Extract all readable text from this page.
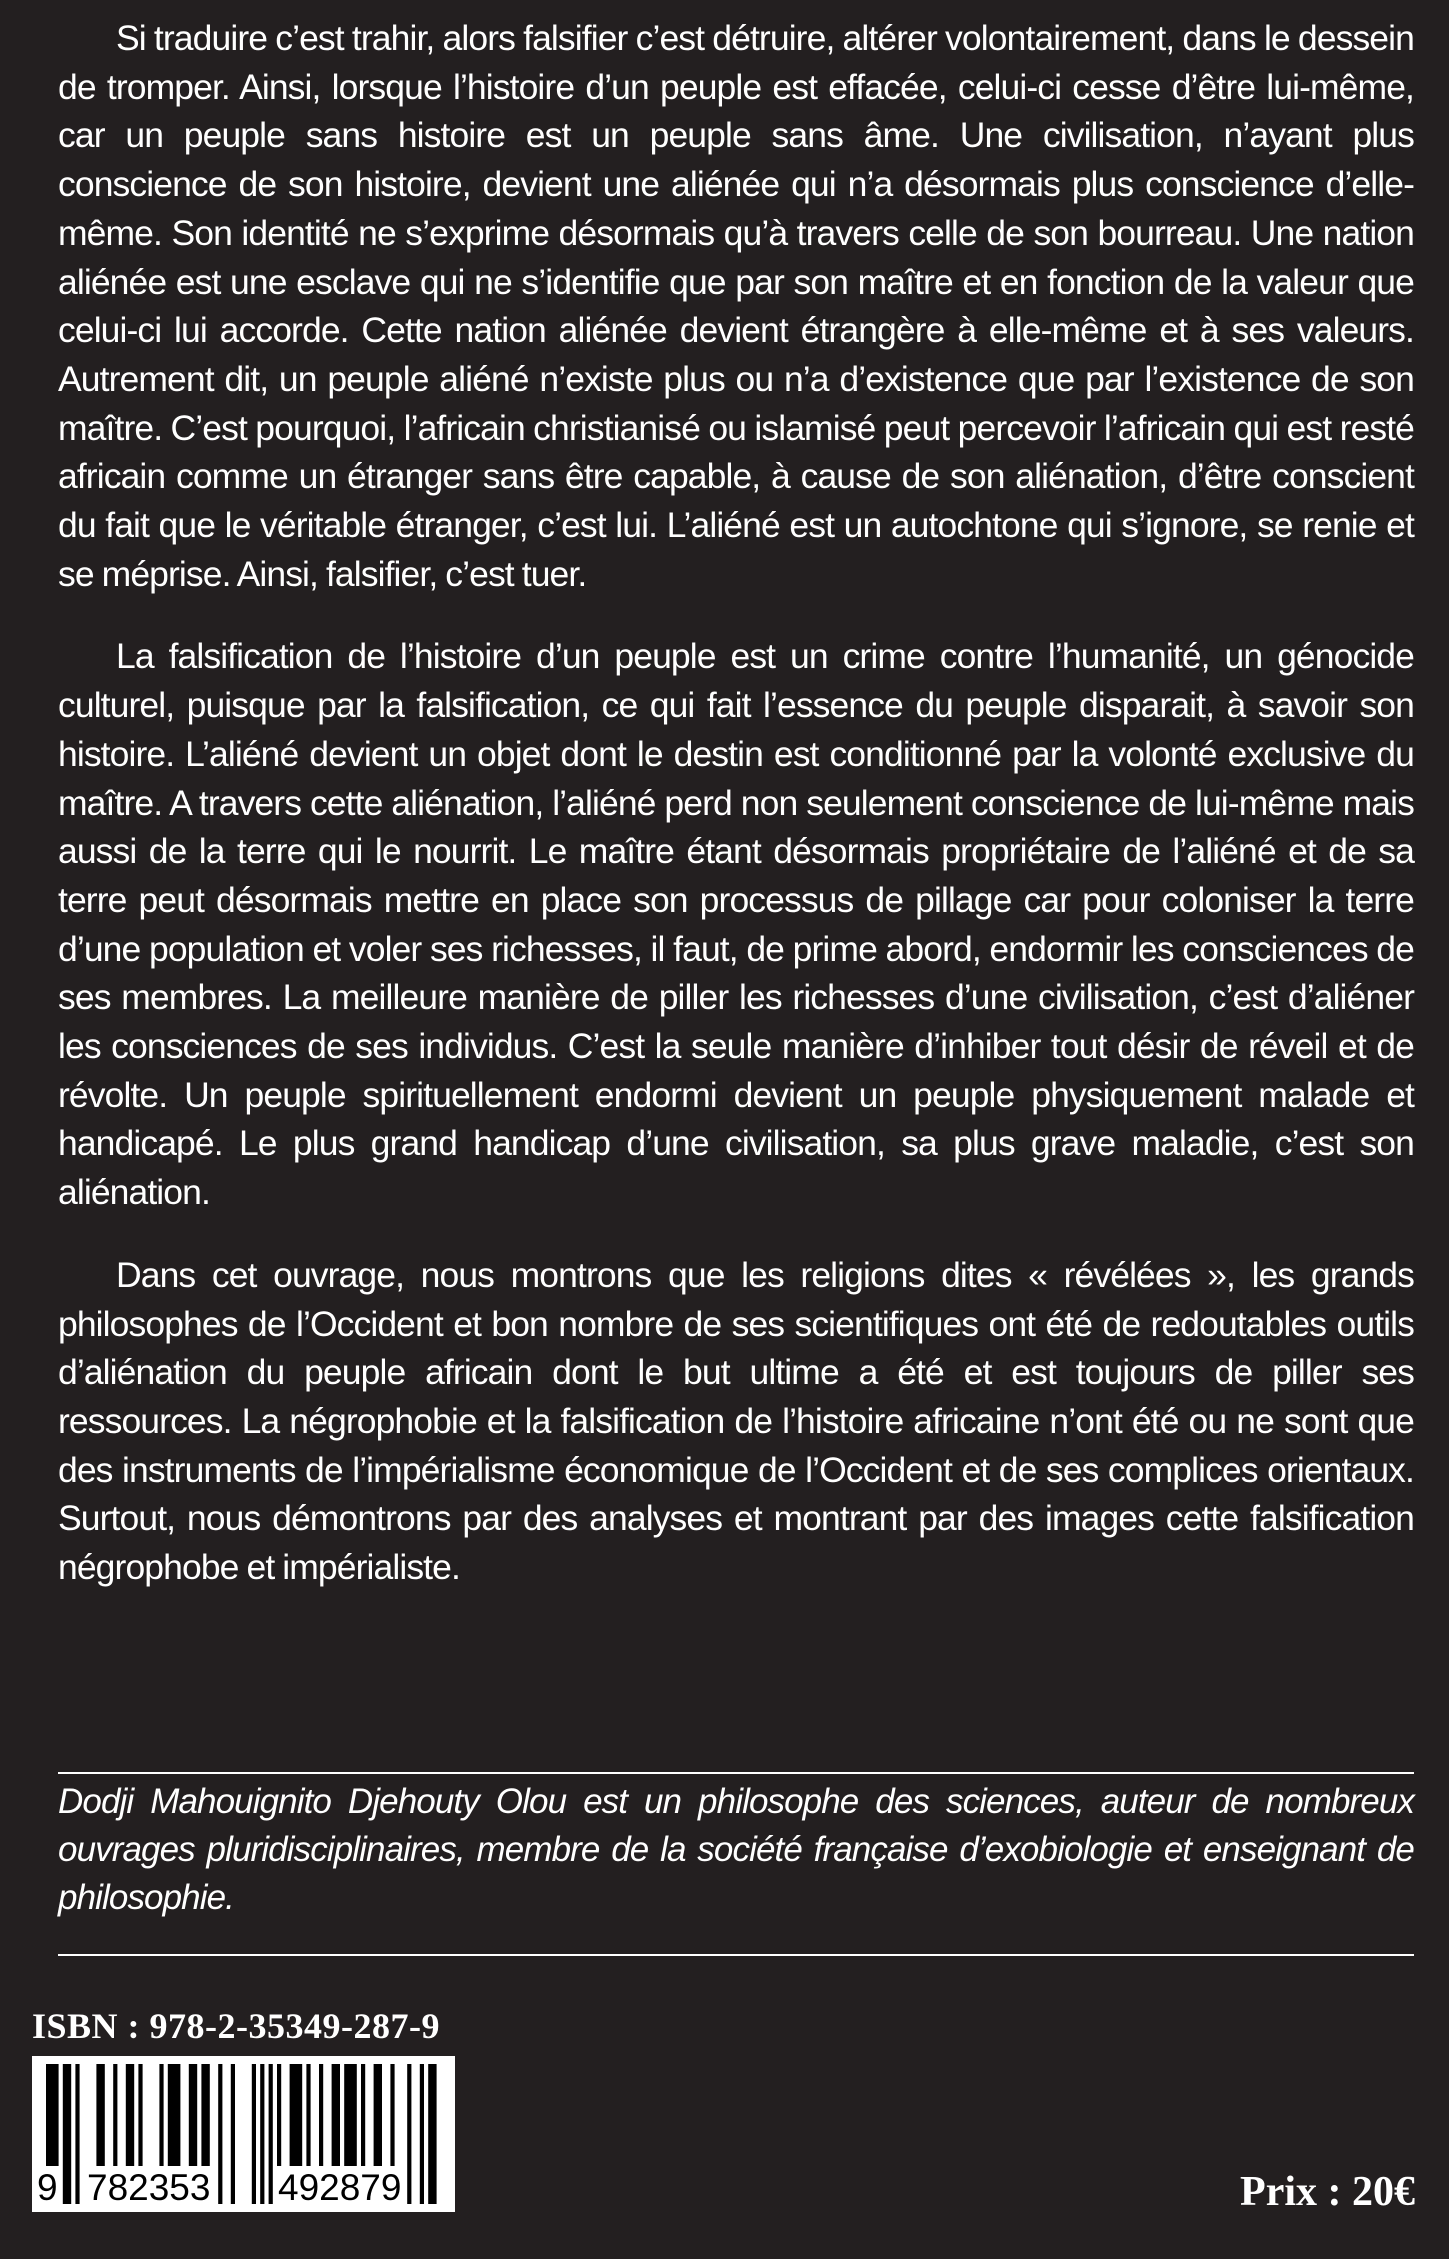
Si traduire c’est trahir, alors falsifier c’est détruire, altérer volontairement, dans le dessein de tromper. Ainsi, lorsque l’histoire d’un peuple est effacée, celui-ci cesse d’être lui-même, car un peuple sans histoire est un peuple sans âme. Une civilisation, n’ayant plus conscience de son histoire, devient une aliénée qui n’a désormais plus conscience d’elle-même. Son identité ne s’exprime désormais qu’à travers celle de son bourreau. Une nation aliénée est une esclave qui ne s’identifie que par son maître et en fonction de la valeur que celui-ci lui accorde. Cette nation aliénée devient étrangère à elle-même et à ses valeurs. Autrement dit, un peuple aliéné n’existe plus ou n’a d’existence que par l’existence de son maître. C’est pourquoi, l’africain christianisé ou islamisé peut percevoir l’africain qui est resté africain comme un étranger sans être capable, à cause de son aliénation, d’être conscient du fait que le véritable étranger, c’est lui. L’aliéné est un autochtone qui s’ignore, se renie et se méprise. Ainsi, falsifier, c’est tuer.

La falsification de l’histoire d’un peuple est un crime contre l’humanité, un génocide culturel, puisque par la falsification, ce qui fait l’essence du peuple disparait, à savoir son histoire. L’aliéné devient un objet dont le destin est conditionné par la volonté exclusive du maître. A travers cette aliénation, l’aliéné perd non seulement conscience de lui-même mais aussi de la terre qui le nourrit. Le maître étant désormais propriétaire de l’aliéné et de sa terre peut désormais mettre en place son processus de pillage car pour coloniser la terre d’une population et voler ses richesses, il faut, de prime abord, endormir les consciences de ses membres. La meilleure manière de piller les richesses d’une civilisation, c’est d’aliéner les consciences de ses individus. C’est la seule manière d’inhiber tout désir de réveil et de révolte. Un peuple spirituellement endormi devient un peuple physiquement malade et handicapé. Le plus grand handicap d’une civilisation, sa plus grave maladie, c’est son aliénation.

Dans cet ouvrage, nous montrons que les religions dites « révélées », les grands philosophes de l’Occident et bon nombre de ses scientifiques ont été de redoutables outils d’aliénation du peuple africain dont le but ultime a été et est toujours de piller ses ressources. La négrophobie et la falsification de l’histoire africaine n’ont été ou ne sont que des instruments de l’impérialisme économique de l’Occident et de ses complices orientaux. Surtout, nous démontrons par des analyses et montrant par des images cette falsification négrophobe et impérialiste.

Dodji Mahouignito Djehouty Olou est un philosophe des sciences, auteur de nombreux ouvrages pluridisciplinaires, membre de la société française d’exobiologie et enseignant de philosophie.

ISBN : 978-2-35349-287-9
9 782353 492879	Prix : 20€
